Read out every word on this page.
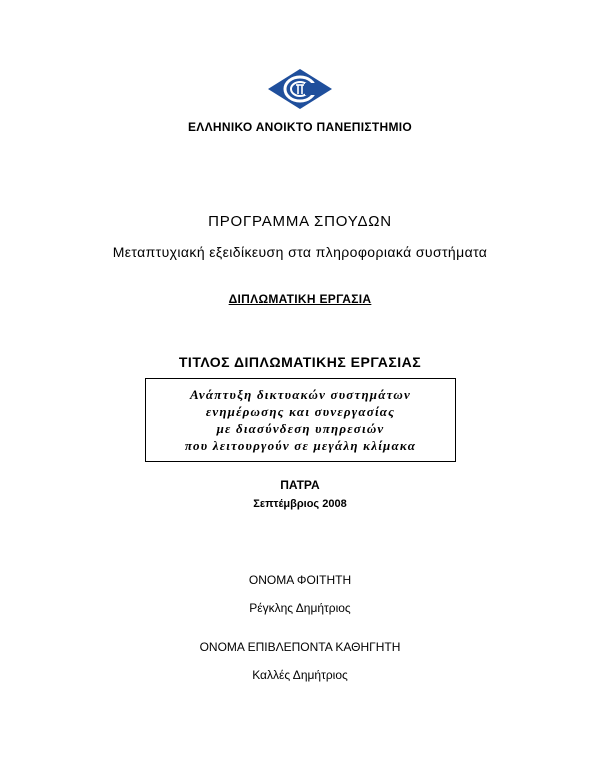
ΕΛΛΗΝΙΚΟ ΑΝΟΙΚΤΟ ΠΑΝΕΠΙΣΤΗΜΙΟ
ΠΡΟΓΡΑΜΜΑ ΣΠΟΥΔΩΝ
Μεταπτυχιακή εξειδίκευση στα πληροφοριακά συστήματα
ΔΙΠΛΩΜΑΤΙΚΗ ΕΡΓΑΣΙΑ
ΤΙΤΛΟΣ ΔΙΠΛΩΜΑΤΙΚΗΣ ΕΡΓΑΣΙΑΣ
Ανάπτυξη δικτυακών συστημάτων
ενημέρωσης και συνεργασίας
με διασύνδεση υπηρεσιών
που λειτουργούν σε μεγάλη κλίμακα
ΠΑΤΡΑ
Σεπτέμβριος 2008
ΟΝΟΜΑ ΦΟΙΤΗΤΗ
Ρέγκλης Δημήτριος
ΟΝΟΜΑ ΕΠΙΒΛΕΠΟΝΤΑ ΚΑΘΗΓΗΤΗ
Καλλές Δημήτριος
